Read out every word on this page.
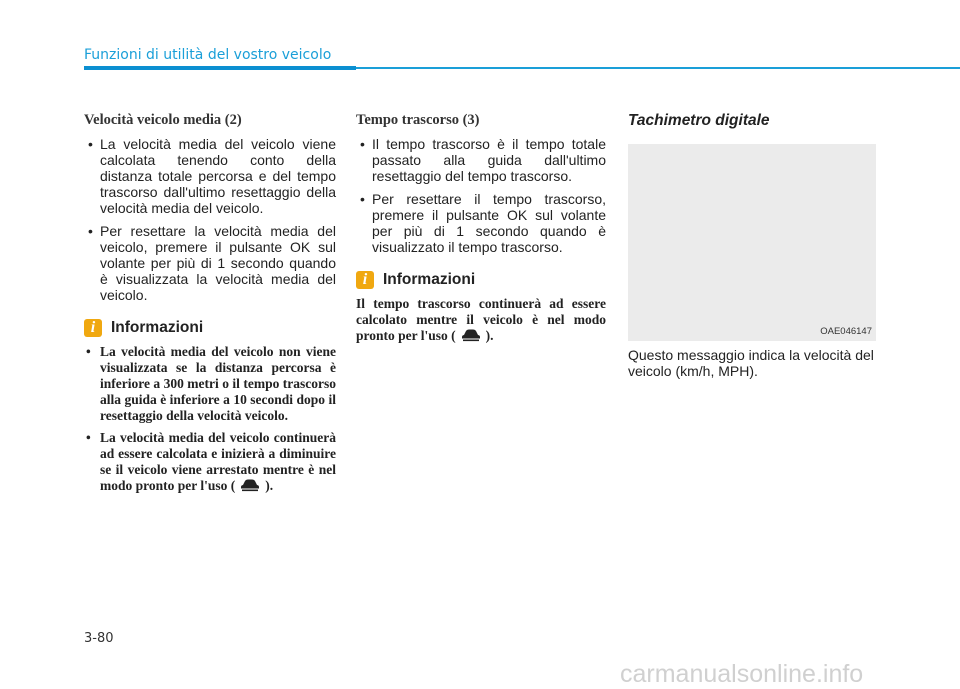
Funzioni di utilità del vostro veicolo
Velocità veicolo media (2)
• La velocità media del veicolo viene calcolata tenendo conto della distanza totale percorsa e del tempo trascorso dall'ultimo resettaggio della velocità media del veicolo.
• Per resettare la velocità media del veicolo, premere il pulsante OK sul volante per più di 1 secondo quando è visualizzata la velocità media del veicolo.
i	Informazioni
• La velocità media del veicolo non viene visualizzata se la distanza percorsa è inferiore a 300 metri o il tempo trascorso alla guida è inferiore a 10 secondi dopo il resettaggio della velocità veicolo.
• La velocità media del veicolo continuerà ad essere calcolata e inizierà a diminuire se il veicolo viene arrestato mentre è nel modo pronto per l'uso ( ).
Tempo trascorso (3)
• Il tempo trascorso è il tempo totale passato alla guida dall'ultimo resettaggio del tempo trascorso.
• Per resettare il tempo trascorso, premere il pulsante OK sul volante per più di 1 secondo quando è visualizzato il tempo trascorso.
i	Informazioni

Il tempo trascorso continuerà ad essere calcolato mentre il veicolo è nel modo pronto per l'uso ( ).

Tachimetro digitale
OAE046147

Questo messaggio indica la velocità del veicolo (km/h, MPH).

3-80
carmanualsonline.info
